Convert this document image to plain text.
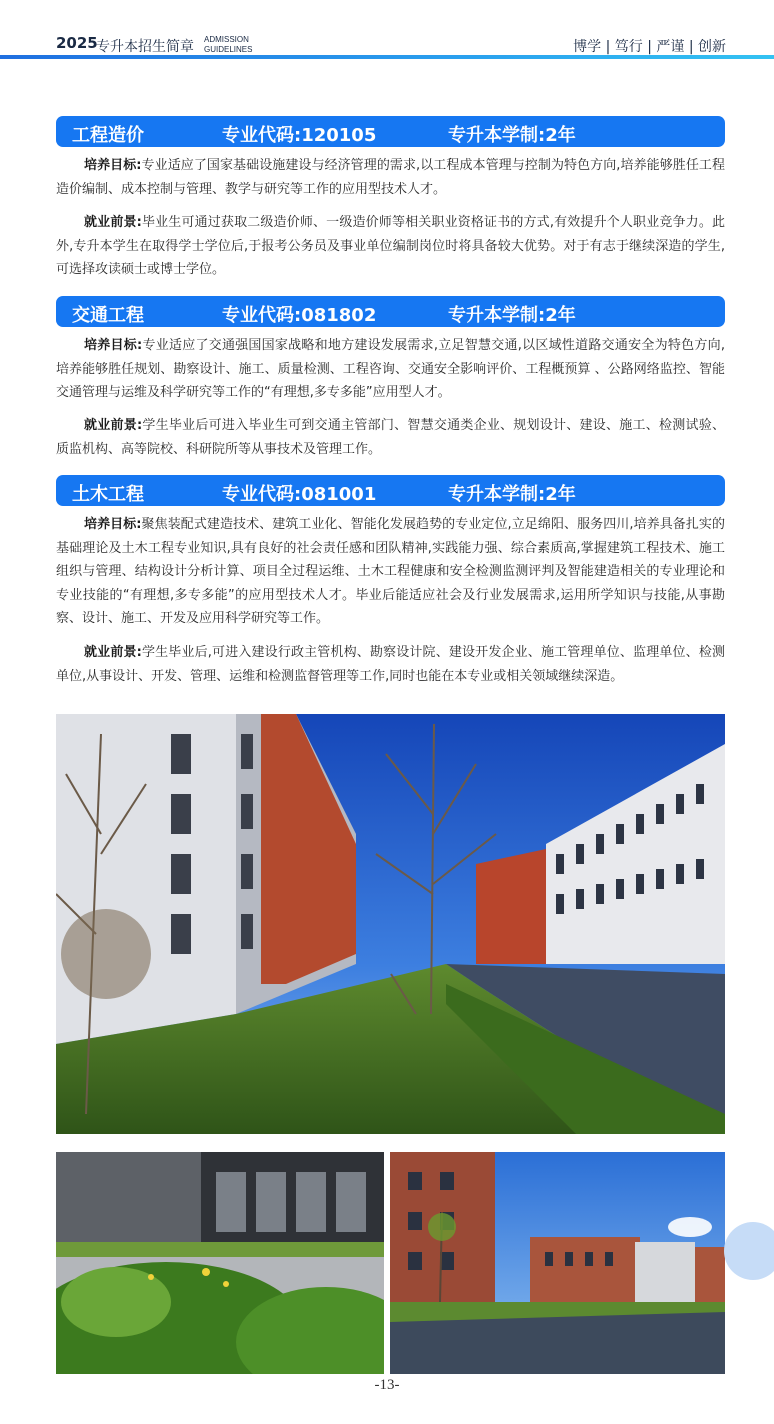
2025
专升本招生简章 ADMISSION
GUIDELINES	博学 | 笃行 | 严谨 | 创新
工程造价	专业代码:120105	专升本学制:2年
培养目标:专业适应了国家基础设施建设与经济管理的需求,以工程成本管理与控制为特色方向,培养能够胜任工程造价编制、成本控制与管理、教学与研究等工作的应用型技术人才。
就业前景:毕业生可通过获取二级造价师、一级造价师等相关职业资格证书的方式,有效提升个人职业竞争力。此外,专升本学生在取得学士学位后,于报考公务员及事业单位编制岗位时将具备较大优势。对于有志于继续深造的学生,可选择攻读硕士或博士学位。
交通工程	专业代码:081802	专升本学制:2年
培养目标:专业适应了交通强国国家战略和地方建设发展需求,立足智慧交通,以区域性道路交通安全为特色方向,培养能够胜任规划、勘察设计、施工、质量检测、工程咨询、交通安全影响评价、工程概预算 、公路网络监控、智能交通管理与运维及科学研究等工作的“有理想,多专多能”应用型人才。
就业前景:学生毕业后可进入毕业生可到交通主管部门、智慧交通类企业、规划设计、建设、施工、检测试验、质监机构、高等院校、科研院所等从事技术及管理工作。
土木工程	专业代码:081001	专升本学制:2年
培养目标:聚焦装配式建造技术、建筑工业化、智能化发展趋势的专业定位,立足绵阳、服务四川,培养具备扎实的基础理论及土木工程专业知识,具有良好的社会责任感和团队精神,实践能力强、综合素质高,掌握建筑工程技术、施工组织与管理、结构设计分析计算、项目全过程运维、土木工程健康和安全检测监测评判及智能建造相关的专业理论和专业技能的“有理想,多专多能”的应用型技术人才。毕业后能适应社会及行业发展需求,运用所学知识与技能,从事勘察、设计、施工、开发及应用科学研究等工作。
就业前景:学生毕业后,可进入建设行政主管机构、勘察设计院、建设开发企业、施工管理单位、监理单位、检测单位,从事设计、开发、管理、运维和检测监督管理等工作,同时也能在本专业或相关领域继续深造。
-13-
